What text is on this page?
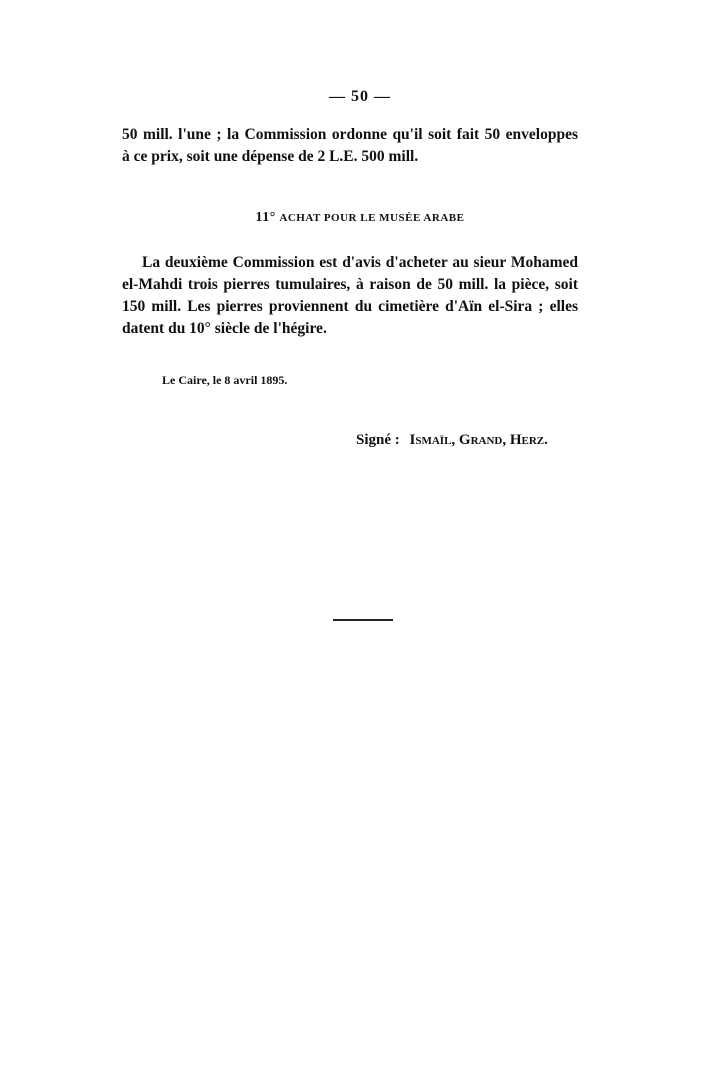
— 50 —

50 mill. l'une ; la Commission ordonne qu'il soit fait 50 enveloppes
à ce prix, soit une dépense de 2 L.E. 500 mill.

11° ACHAT POUR LE MUSÉE ARABE

La deuxième Commission est d'avis d'acheter au sieur Mohamed
el-Mahdi trois pierres tumulaires, à raison de 50 mill. la pièce, soit
150 mill. Les pierres proviennent du cimetière d'Aïn el-Sira ; elles
datent du 10° siècle de l'hégire.

Le Caire, le 8 avril 1895.
Signé : Ismaïl, Grand, Herz.
